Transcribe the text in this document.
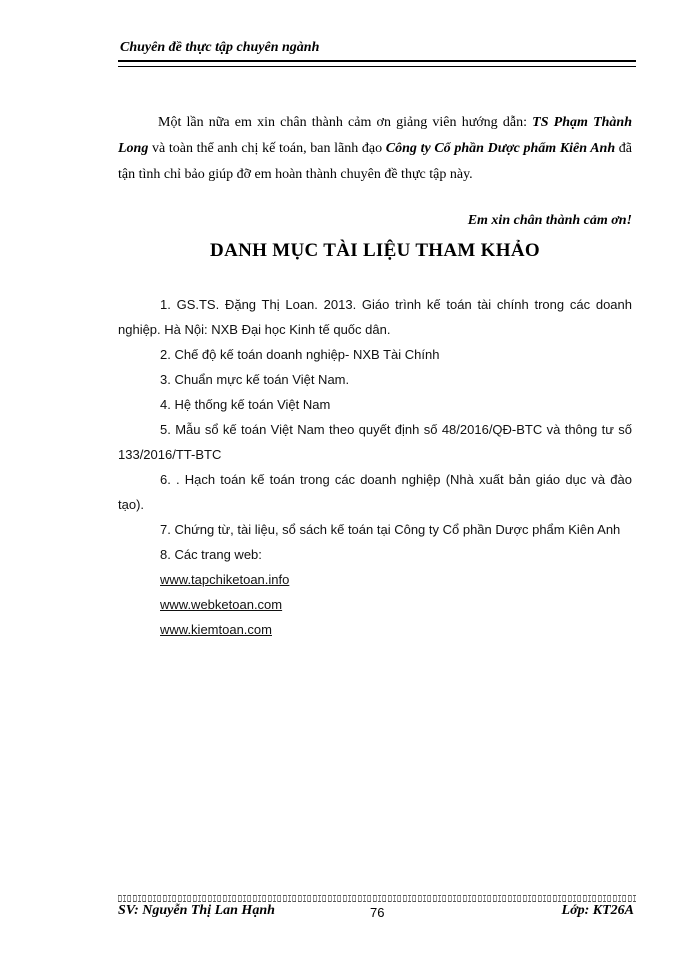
Chuyên đề thực tập chuyên ngành
Một lần nữa em xin chân thành cảm ơn giảng viên hướng dẫn: TS Phạm Thành Long và toàn thể anh chị kế toán, ban lãnh đạo Công ty Cổ phần Dược phẩm Kiên Anh đã tận tình chỉ bảo giúp đỡ em hoàn thành chuyên đề thực tập này.
Em xin chân thành cảm ơn!
DANH MỤC TÀI LIỆU THAM KHẢO

1. GS.TS. Đặng Thị Loan. 2013. Giáo trình kế toán tài chính trong các doanh nghiệp. Hà Nội: NXB Đại học Kinh tế quốc dân.

2. Chế độ kế toán doanh nghiệp- NXB Tài Chính

3. Chuẩn mực kế toán Việt Nam.

4. Hệ thống kế toán Việt Nam

5. Mẫu sổ kế toán Việt Nam theo quyết định số 48/2016/QĐ-BTC và thông tư số 133/2016/TT-BTC

6. . Hạch toán kế toán trong các doanh nghiệp (Nhà xuất bản giáo dục và đào tạo).

7. Chứng từ, tài liệu, sổ sách kế toán tại Công ty Cổ phần Dược phẩm Kiên Anh

8. Các trang web:

www.tapchiketoan.info
www.webketoan.com
www.kiemtoan.com
SV: Nguyễn Thị Lan Hạnh	76	Lớp: KT26A
